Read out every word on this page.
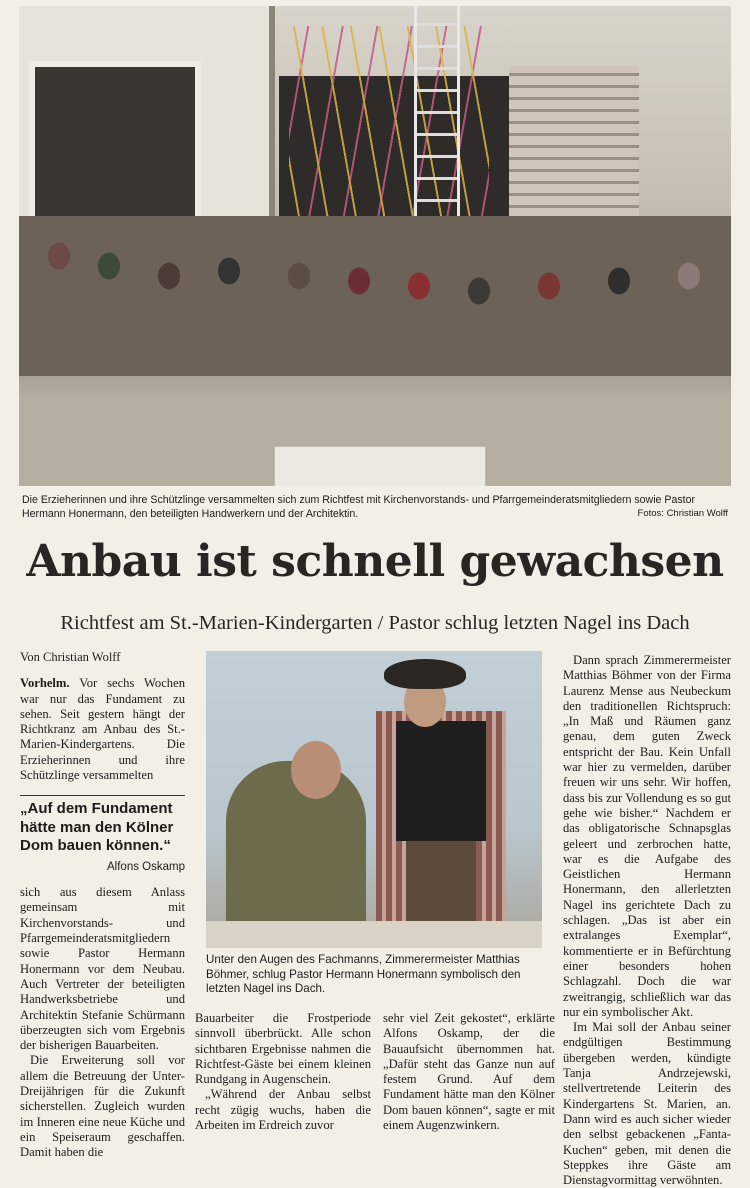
Die Erzieherinnen und ihre Schützlinge versammelten sich zum Richtfest mit Kirchenvorstands- und Pfarrgemeinderatsmitgliedern sowie Pastor Hermann Honermann, den beteiligten Handwerkern und der Architektin.	Fotos: Christian Wolff
Anbau ist schnell gewachsen
Richtfest am St.-Marien-Kindergarten / Pastor schlug letzten Nagel ins Dach

Von Christian Wolff

Vorhelm. Vor sechs Wochen war nur das Fundament zu sehen. Seit gestern hängt der Richtkranz am Anbau des St.-Marien-Kindergartens. Die Erzieherinnen und ihre Schützlinge versammelten

„Auf dem Fundament hätte man den Kölner Dom bauen können.“
Alfons Oskamp

sich aus diesem Anlass gemeinsam mit Kirchenvorstands- und Pfarrgemeinderatsmitgliedern sowie Pastor Hermann Honermann vor dem Neubau. Auch Vertreter der beteiligten Handwerksbetriebe und Architektin Stefanie Schürmann überzeugten sich vom Ergebnis der bisherigen Bauarbeiten.

Die Erweiterung soll vor allem die Betreuung der Unter-Dreijährigen für die Zukunft sicherstellen. Zugleich wurden im Inneren eine neue Küche und ein Speiseraum geschaffen. Damit haben die

Unter den Augen des Fachmanns, Zimmerermeister Matthias Böhmer, schlug Pastor Hermann Honermann symbolisch den letzten Nagel ins Dach.

Bauarbeiter die Frostperiode sinnvoll überbrückt. Alle schon sichtbaren Ergebnisse nahmen die Richtfest-Gäste bei einem kleinen Rundgang in Augenschein.

„Während der Anbau selbst recht zügig wuchs, haben die Arbeiten im Erdreich zuvor

sehr viel Zeit gekostet“, erklärte Alfons Oskamp, der die Bauaufsicht übernommen hat. „Dafür steht das Ganze nun auf festem Grund. Auf dem Fundament hätte man den Kölner Dom bauen können“, sagte er mit einem Augenzwinkern.

Dann sprach Zimmerermeister Matthias Böhmer von der Firma Laurenz Mense aus Neubeckum den traditionellen Richtspruch: „In Maß und Räumen ganz genau, dem guten Zweck entspricht der Bau. Kein Unfall war hier zu vermelden, darüber freuen wir uns sehr. Wir hoffen, dass bis zur Vollendung es so gut gehe wie bisher.“ Nachdem er das obligatorische Schnapsglas geleert und zerbrochen hatte, war es die Aufgabe des Geistlichen Hermann Honermann, den allerletzten Nagel ins gerichtete Dach zu schlagen. „Das ist aber ein extralanges Exemplar“, kommentierte er in Befürchtung einer besonders hohen Schlagzahl. Doch die war zweitrangig, schließlich war das nur ein symbolischer Akt.

Im Mai soll der Anbau seiner endgültigen Bestimmung übergeben werden, kündigte Tanja Andrzejewski, stellvertretende Leiterin des Kindergartens St. Marien, an. Dann wird es auch sicher wieder den selbst gebackenen „Fanta-Kuchen“ geben, mit denen die Steppkes ihre Gäste am Dienstagvormittag verwöhnten.
